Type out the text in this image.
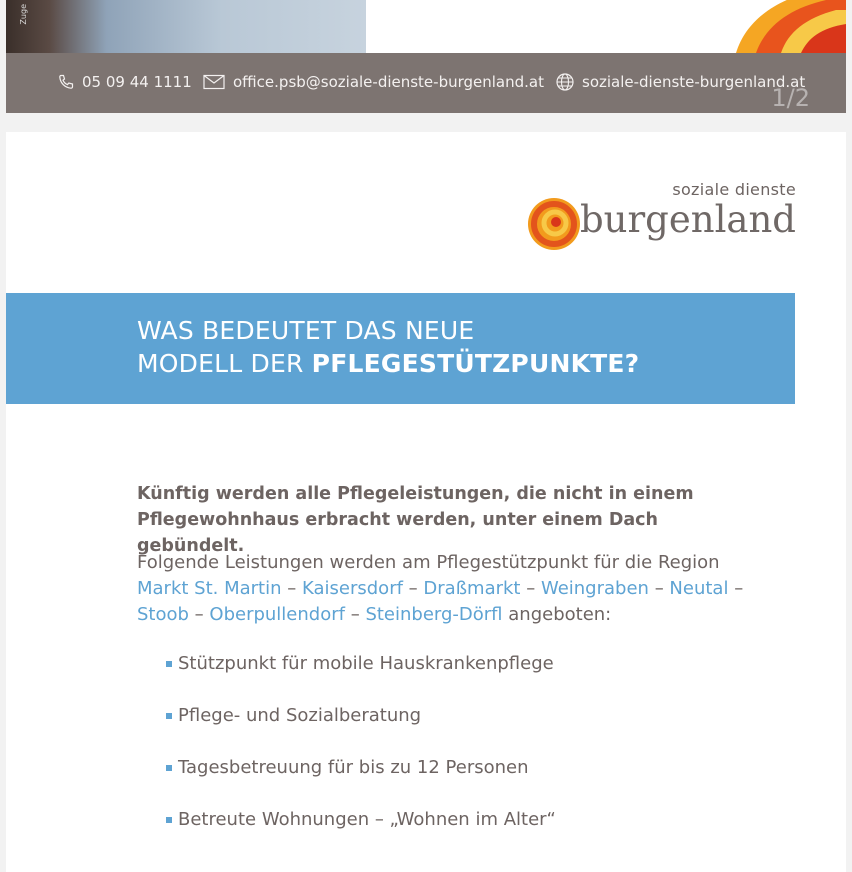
Zuge
05 09 44 1111	office.psb@soziale-dienste-burgenland.at	soziale-dienste-burgenland.at
1/2
soziale dienste
burgenland
WAS BEDEUTET DAS NEUE
MODELL DER PFLEGESTÜTZPUNKTE?

Künftig werden alle Pflegeleistungen, die nicht in einem Pflegewohnhaus erbracht werden, unter einem Dach gebündelt.

Folgende Leistungen werden am Pflegestützpunkt für die Region
Markt St. Martin – Kaisersdorf – Draßmarkt – Weingraben – Neutal –
Stoob – Oberpullendorf – Steinberg-Dörfl angeboten:

Stützpunkt für mobile Hauskrankenpflege
Pflege- und Sozialberatung
Tagesbetreuung für bis zu 12 Personen
Betreute Wohnungen – „Wohnen im Alter“
